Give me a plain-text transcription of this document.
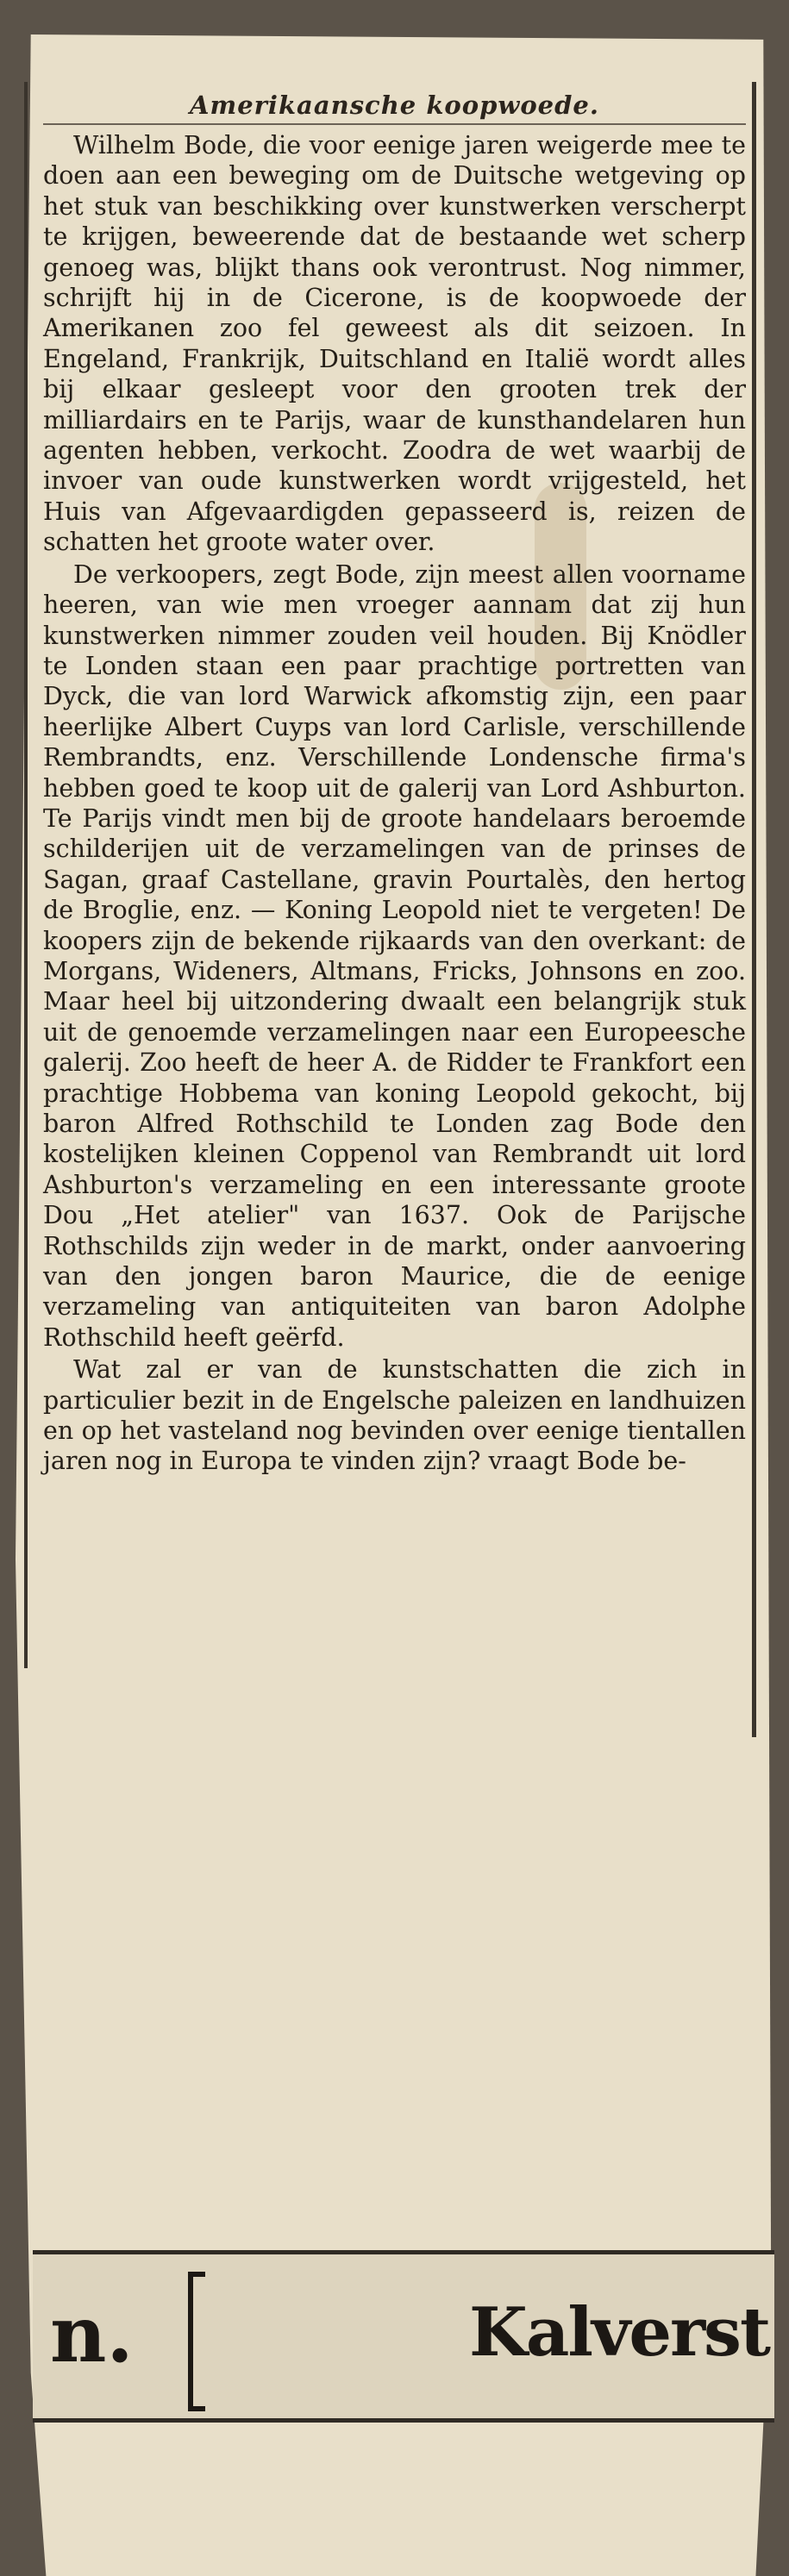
Amerikaansche koopwoede.

Wilhelm Bode, die voor eenige jaren weigerde mee te doen aan een beweging om de Duitsche wetgeving op het stuk van beschikking over kunstwerken verscherpt te krijgen, beweerende dat de bestaande wet scherp genoeg was, blijkt thans ook verontrust. Nog nimmer, schrijft hij in de Cicerone, is de koopwoede der Amerikanen zoo fel geweest als dit seizoen. In Engeland, Frankrijk, Duitschland en Italië wordt alles bij elkaar gesleept voor den grooten trek der milliardairs en te Parijs, waar de kunsthandelaren hun agenten hebben, verkocht. Zoodra de wet waarbij de invoer van oude kunstwerken wordt vrijgesteld, het Huis van Afgevaardigden gepasseerd is, reizen de schatten het groote water over.

De verkoopers, zegt Bode, zijn meest allen voorname heeren, van wie men vroeger aannam dat zij hun kunstwerken nimmer zouden veil houden. Bij Knödler te Londen staan een paar prachtige portretten van Dyck, die van lord Warwick afkomstig zijn, een paar heerlijke Albert Cuyps van lord Carlisle, verschillende Rembrandts, enz. Verschillende Londensche firma's hebben goed te koop uit de galerij van Lord Ashburton. Te Parijs vindt men bij de groote handelaars beroemde schilderijen uit de verzamelingen van de prinses de Sagan, graaf Castellane, gravin Pourtalès, den hertog de Broglie, enz. — Koning Leopold niet te vergeten! De koopers zijn de bekende rijkaards van den overkant: de Morgans, Wideners, Altmans, Fricks, Johnsons en zoo. Maar heel bij uitzondering dwaalt een belangrijk stuk uit de genoemde verzamelingen naar een Europeesche galerij. Zoo heeft de heer A. de Ridder te Frankfort een prachtige Hobbema van koning Leopold gekocht, bij baron Alfred Rothschild te Londen zag Bode den kostelijken kleinen Coppenol van Rembrandt uit lord Ashburton's verzameling en een interessante groote Dou „Het atelier" van 1637. Ook de Parijsche Rothschilds zijn weder in de markt, onder aanvoering van den jongen baron Maurice, die de eenige verzameling van antiquiteiten van baron Adolphe Rothschild heeft geërfd.

Wat zal er van de kunstschatten die zich in particulier bezit in de Engelsche paleizen en landhuizen en op het vasteland nog bevinden over eenige tientallen jaren nog in Europa te vinden zijn? vraagt Bode be-

n.	Kalverst
